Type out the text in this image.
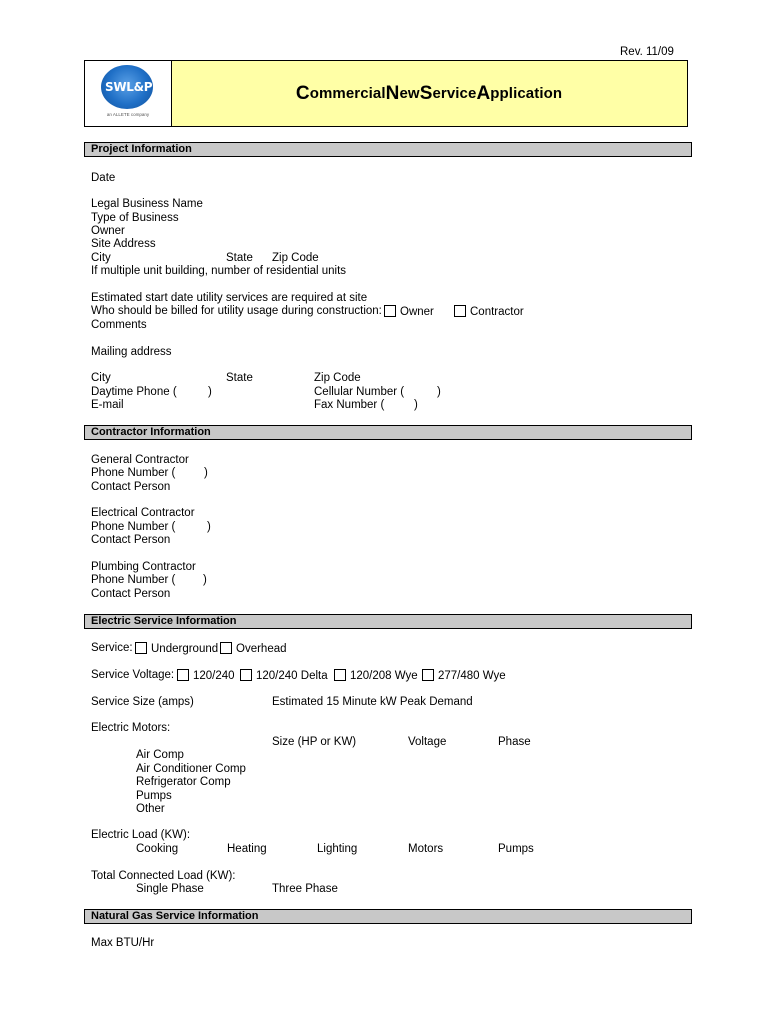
Rev. 11/09
SWL&P
an ALLETE company
C ommercial N ew S ervice A pplication
Project Information
Date
Legal Business Name
Type of Business
Owner
Site Address
City	State Zip Code
If multiple unit building, number of residential units
Estimated start date utility services are required at site
Who should be billed for utility usage during construction:	Owner	Contractor
Comments
Mailing address
City	State	Zip Code
Daytime Phone (	)	Cellular Number (	)
E-mail	Fax Number (	)
Contractor Information
General Contractor
Phone Number ( )
Contact Person
Electrical Contractor
Phone Number (	)
Contact Person
Plumbing Contractor
Phone Number ( )
Contact Person
Electric Service Information
Service:	Underground	Overhead
Service Voltage:	120/240	120/240 Delta	120/208 Wye	277/480 Wye
Service Size (amps)	Estimated 15 Minute kW Peak Demand
Electric Motors:
Size (HP or KW)	Voltage	Phase
Air Comp
Air Conditioner Comp
Refrigerator Comp
Pumps
Other
Electric Load (KW):
Cooking	Heating	Lighting	Motors	Pumps
Total Connected Load (KW):
Single Phase	Three Phase
Natural Gas Service Information
Max BTU/Hr
